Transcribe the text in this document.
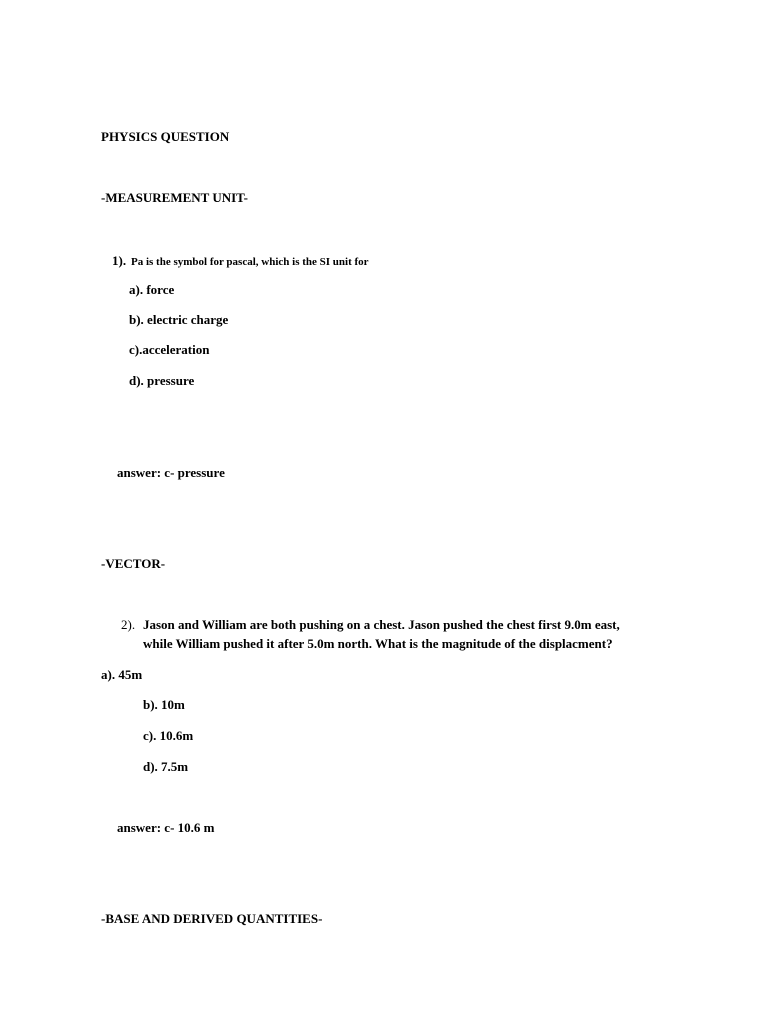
PHYSICS QUESTION
-MEASUREMENT UNIT-
1). Pa is the symbol for pascal, which is the SI unit for
a). force
b). electric charge
c).acceleration
d). pressure
answer: c- pressure
-VECTOR-
2). Jason and William are both pushing on a chest. Jason pushed the chest first 9.0m east,
while William pushed it after 5.0m north. What is the magnitude of the displacment?
a). 45m
b). 10m
c). 10.6m
d). 7.5m
answer: c- 10.6 m
-BASE AND DERIVED QUANTITIES-
